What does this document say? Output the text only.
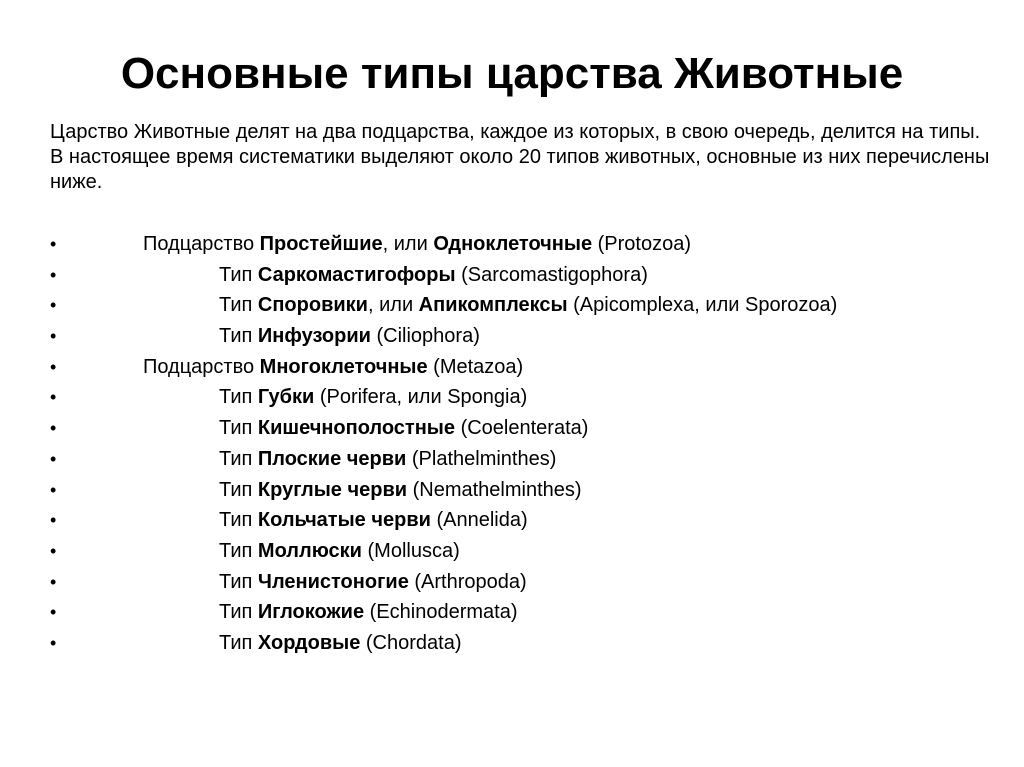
Основные типы царства Животные

Царство Животные делят на два подцарства, каждое из которых, в свою очередь, делится на типы. В настоящее время систематики выделяют около 20 типов животных, основные из них перечислены ниже.

•	Подцарство Простейшие, или Одноклеточные (Protozoa)
•	Тип Саркомастигофоры (Sarcomastigophora)
•	Тип Споровики, или Апикомплексы (Apicomplexa, или Sporozoa)
•	Тип Инфузории (Ciliophora)
•	Подцарство Многоклеточные (Metazoa)
•	Тип Губки (Porifera, или Spongia)
•	Тип Кишечнополостные (Coelenterata)
•	Тип Плоские черви (Plathelminthes)
•	Тип Круглые черви (Nemathelminthes)
•	Тип Кольчатые черви (Annelida)
•	Тип Моллюски (Mollusca)
•	Тип Членистоногие (Arthropoda)
•	Тип Иглокожие (Echinodermata)
•	Тип Хордовые (Chordata)
